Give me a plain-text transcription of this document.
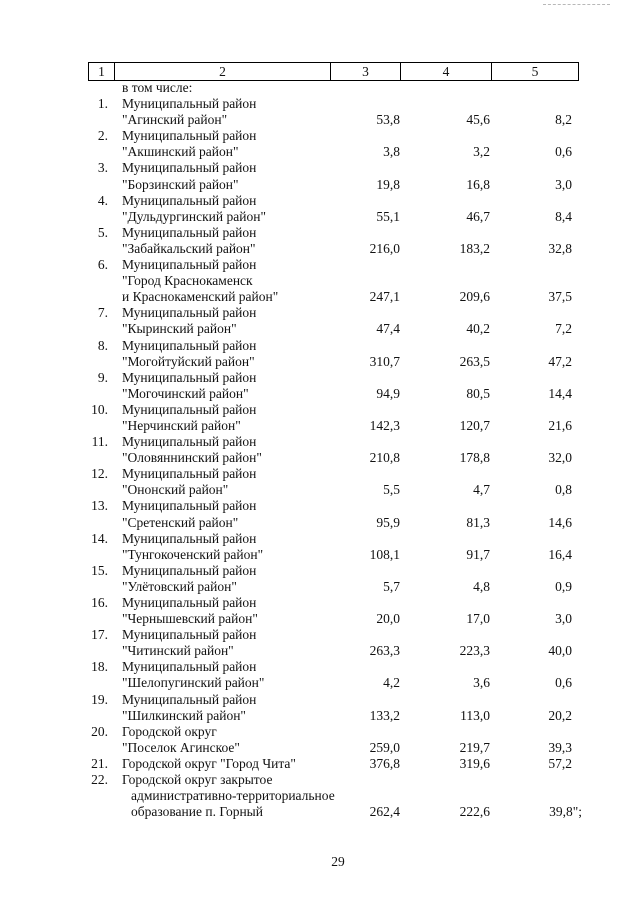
1	2	3	4	5
в том числе:
1. Муниципальный район
"Агинский район"	53,8	45,6	8,2
2. Муниципальный район
"Акшинский район"	3,8	3,2	0,6
3. Муниципальный район
"Борзинский район"	19,8	16,8	3,0
4. Муниципальный район
"Дульдургинский район"	55,1	46,7	8,4
5. Муниципальный район
"Забайкальский район"	216,0	183,2	32,8
6. Муниципальный район
"Город Краснокаменск
и Краснокаменский район"	247,1	209,6	37,5
7. Муниципальный район
"Кыринский район"	47,4	40,2	7,2
8. Муниципальный район
"Могойтуйский район"	310,7	263,5	47,2
9. Муниципальный район
"Могочинский район"	94,9	80,5	14,4
10. Муниципальный район
"Нерчинский район"	142,3	120,7	21,6
11. Муниципальный район
"Оловяннинский район"	210,8	178,8	32,0
12. Муниципальный район
"Ононский район"	5,5	4,7	0,8
13. Муниципальный район
"Сретенский район"	95,9	81,3	14,6
14. Муниципальный район
"Тунгокоченский район"	108,1	91,7	16,4
15. Муниципальный район
"Улётовский район"	5,7	4,8	0,9
16. Муниципальный район
"Чернышевский район"	20,0	17,0	3,0
17. Муниципальный район
"Читинский район"	263,3	223,3	40,0
18. Муниципальный район
"Шелопугинский район"	4,2	3,6	0,6
19. Муниципальный район
"Шилкинский район"	133,2	113,0	20,2
20. Городской округ
"Поселок Агинское"	259,0	219,7	39,3
21. Городской округ "Город Чита"	376,8	319,6	57,2
22. Городской округ закрытое
административно-территориальное
образование п. Горный	262,4	222,6	39,8";
29
